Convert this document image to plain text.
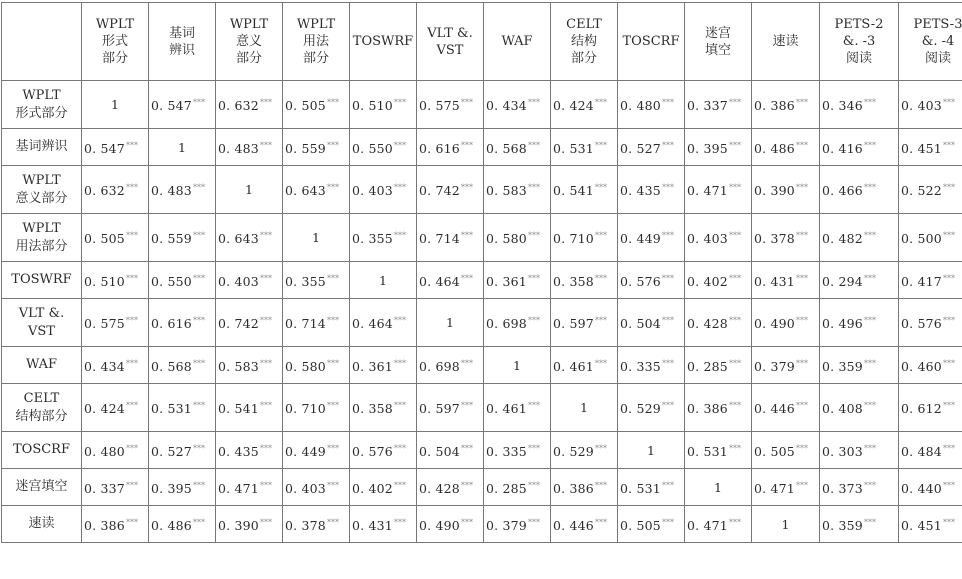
	WPLT
形式
部分	基词
辨识	WPLT
意义
部分	WPLT
用法
部分	TOSWRF	VLT &.
VST	WAF	CELT
结构
部分	TOSCRF	迷宫
填空	速读	PETS-2
&. -3
阅读	PETS-3
&. -4
阅读

WPLT
形式部分	1	0. 547***	0. 632***	0. 505***	0. 510***	0. 575***	0. 434***	0. 424***	0. 480***	0. 337***	0. 386***	0. 346***	0. 403***

基词辨识	0. 547***	1	0. 483***	0. 559***	0. 550***	0. 616***	0. 568***	0. 531***	0. 527***	0. 395***	0. 486***	0. 416***	0. 451***

WPLT
意义部分	0. 632***	0. 483***	1	0. 643***	0. 403***	0. 742***	0. 583***	0. 541***	0. 435***	0. 471***	0. 390***	0. 466***	0. 522***

WPLT
用法部分	0. 505***	0. 559***	0. 643***	1	0. 355***	0. 714***	0. 580***	0. 710***	0. 449***	0. 403***	0. 378***	0. 482***	0. 500***

TOSWRF	0. 510***	0. 550***	0. 403***	0. 355***	1	0. 464***	0. 361***	0. 358***	0. 576***	0. 402***	0. 431***	0. 294***	0. 417***

VLT &.
VST	0. 575***	0. 616***	0. 742***	0. 714***	0. 464***	1	0. 698***	0. 597***	0. 504***	0. 428***	0. 490***	0. 496***	0. 576***

WAF	0. 434***	0. 568***	0. 583***	0. 580***	0. 361***	0. 698***	1	0. 461***	0. 335***	0. 285***	0. 379***	0. 359***	0. 460***

CELT
结构部分	0. 424***	0. 531***	0. 541***	0. 710***	0. 358***	0. 597***	0. 461***	1	0. 529***	0. 386***	0. 446***	0. 408***	0. 612***

TOSCRF	0. 480***	0. 527***	0. 435***	0. 449***	0. 576***	0. 504***	0. 335***	0. 529***	1	0. 531***	0. 505***	0. 303***	0. 484***

迷宫填空	0. 337***	0. 395***	0. 471***	0. 403***	0. 402***	0. 428***	0. 285***	0. 386***	0. 531***	1	0. 471***	0. 373***	0. 440***

速读	0. 386***	0. 486***	0. 390***	0. 378***	0. 431***	0. 490***	0. 379***	0. 446***	0. 505***	0. 471***	1	0. 359***	0. 451***
